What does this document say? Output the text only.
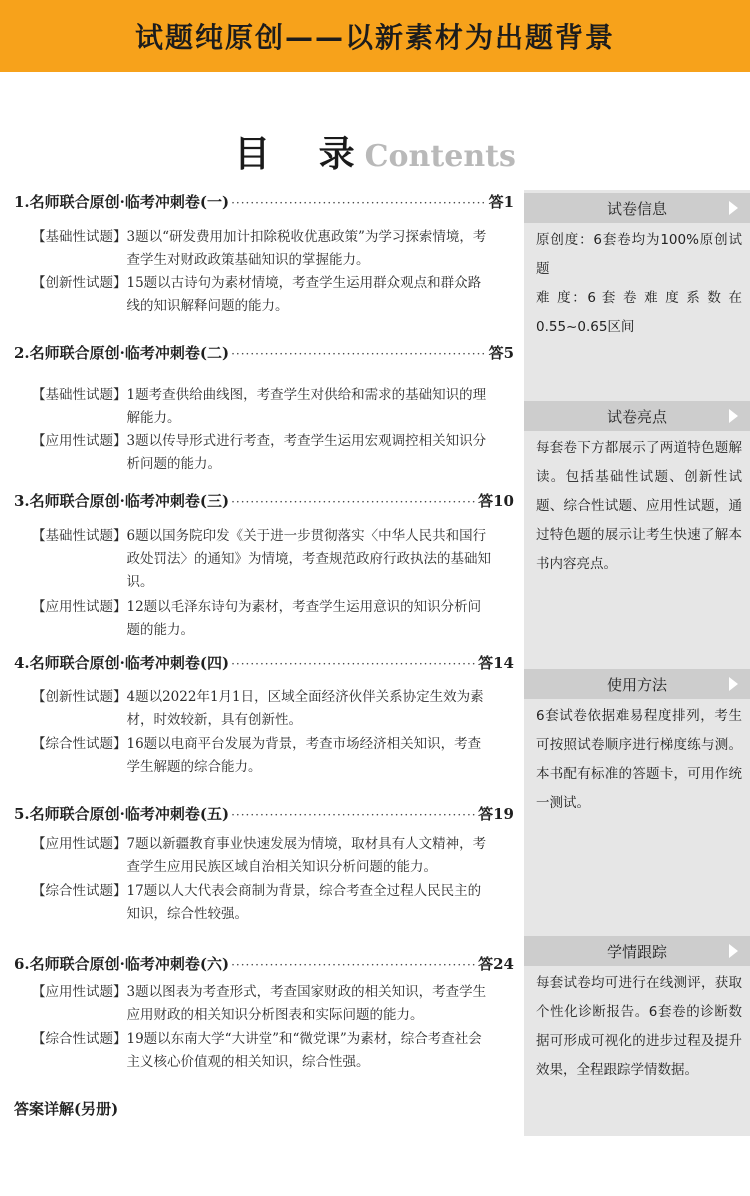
试题纯原创——以新素材为出题背景
目 录Contents
1.名师联合原创·临考冲刺卷(一) ·····	答1
【基础性试题】 3题以“研发费用加计扣除税收优惠政策”为学习探索情境，考查学生对财政政策基础知识的掌握能力。
【创新性试题】 15题以古诗句为素材情境，考查学生运用群众观点和群众路线的知识解释问题的能力。
2.名师联合原创·临考冲刺卷(二) ·····	答5
【基础性试题】 1题考查供给曲线图，考查学生对供给和需求的基础知识的理解能力。
【应用性试题】 3题以传导形式进行考查，考查学生运用宏观调控相关知识分析问题的能力。
3.名师联合原创·临考冲刺卷(三) ·····	答10
【基础性试题】 6题以国务院印发《关于进一步贯彻落实〈中华人民共和国行政处罚法〉的通知》为情境，考查规范政府行政执法的基础知识。
【应用性试题】 12题以毛泽东诗句为素材，考查学生运用意识的知识分析问题的能力。
4.名师联合原创·临考冲刺卷(四) ·····	答14
【创新性试题】 4题以2022年1月1日，区域全面经济伙伴关系协定生效为素材，时效较新，具有创新性。
【综合性试题】 16题以电商平台发展为背景，考查市场经济相关知识，考查学生解题的综合能力。
5.名师联合原创·临考冲刺卷(五) ·····	答19
【应用性试题】 7题以新疆教育事业快速发展为情境，取材具有人文精神，考查学生应用民族区域自治相关知识分析问题的能力。
【综合性试题】 17题以人大代表会商制为背景，综合考查全过程人民民主的知识，综合性较强。
6.名师联合原创·临考冲刺卷(六) ·····	答24
【应用性试题】 3题以图表为考查形式，考查国家财政的相关知识，考查学生应用财政的相关知识分析图表和实际问题的能力。
【综合性试题】 19题以东南大学“大讲堂”和“微党课”为素材，综合考查社会主义核心价值观的相关知识，综合性强。
答案详解(另册)
试卷信息
原创度：6套卷均为100%原创试题
难 度：6 套 卷 难 度 系 数 在 0.55~0.65区间
试卷亮点
每套卷下方都展示了两道特色题解读。包括基础性试题、创新性试题、综合性试题、应用性试题，通过特色题的展示让考生快速了解本书内容亮点。
使用方法
6套试卷依据难易程度排列，考生可按照试卷顺序进行梯度练与测。本书配有标准的答题卡，可用作统一测试。
学情跟踪
每套试卷均可进行在线测评，获取个性化诊断报告。6套卷的诊断数据可形成可视化的进步过程及提升效果，全程跟踪学情数据。
